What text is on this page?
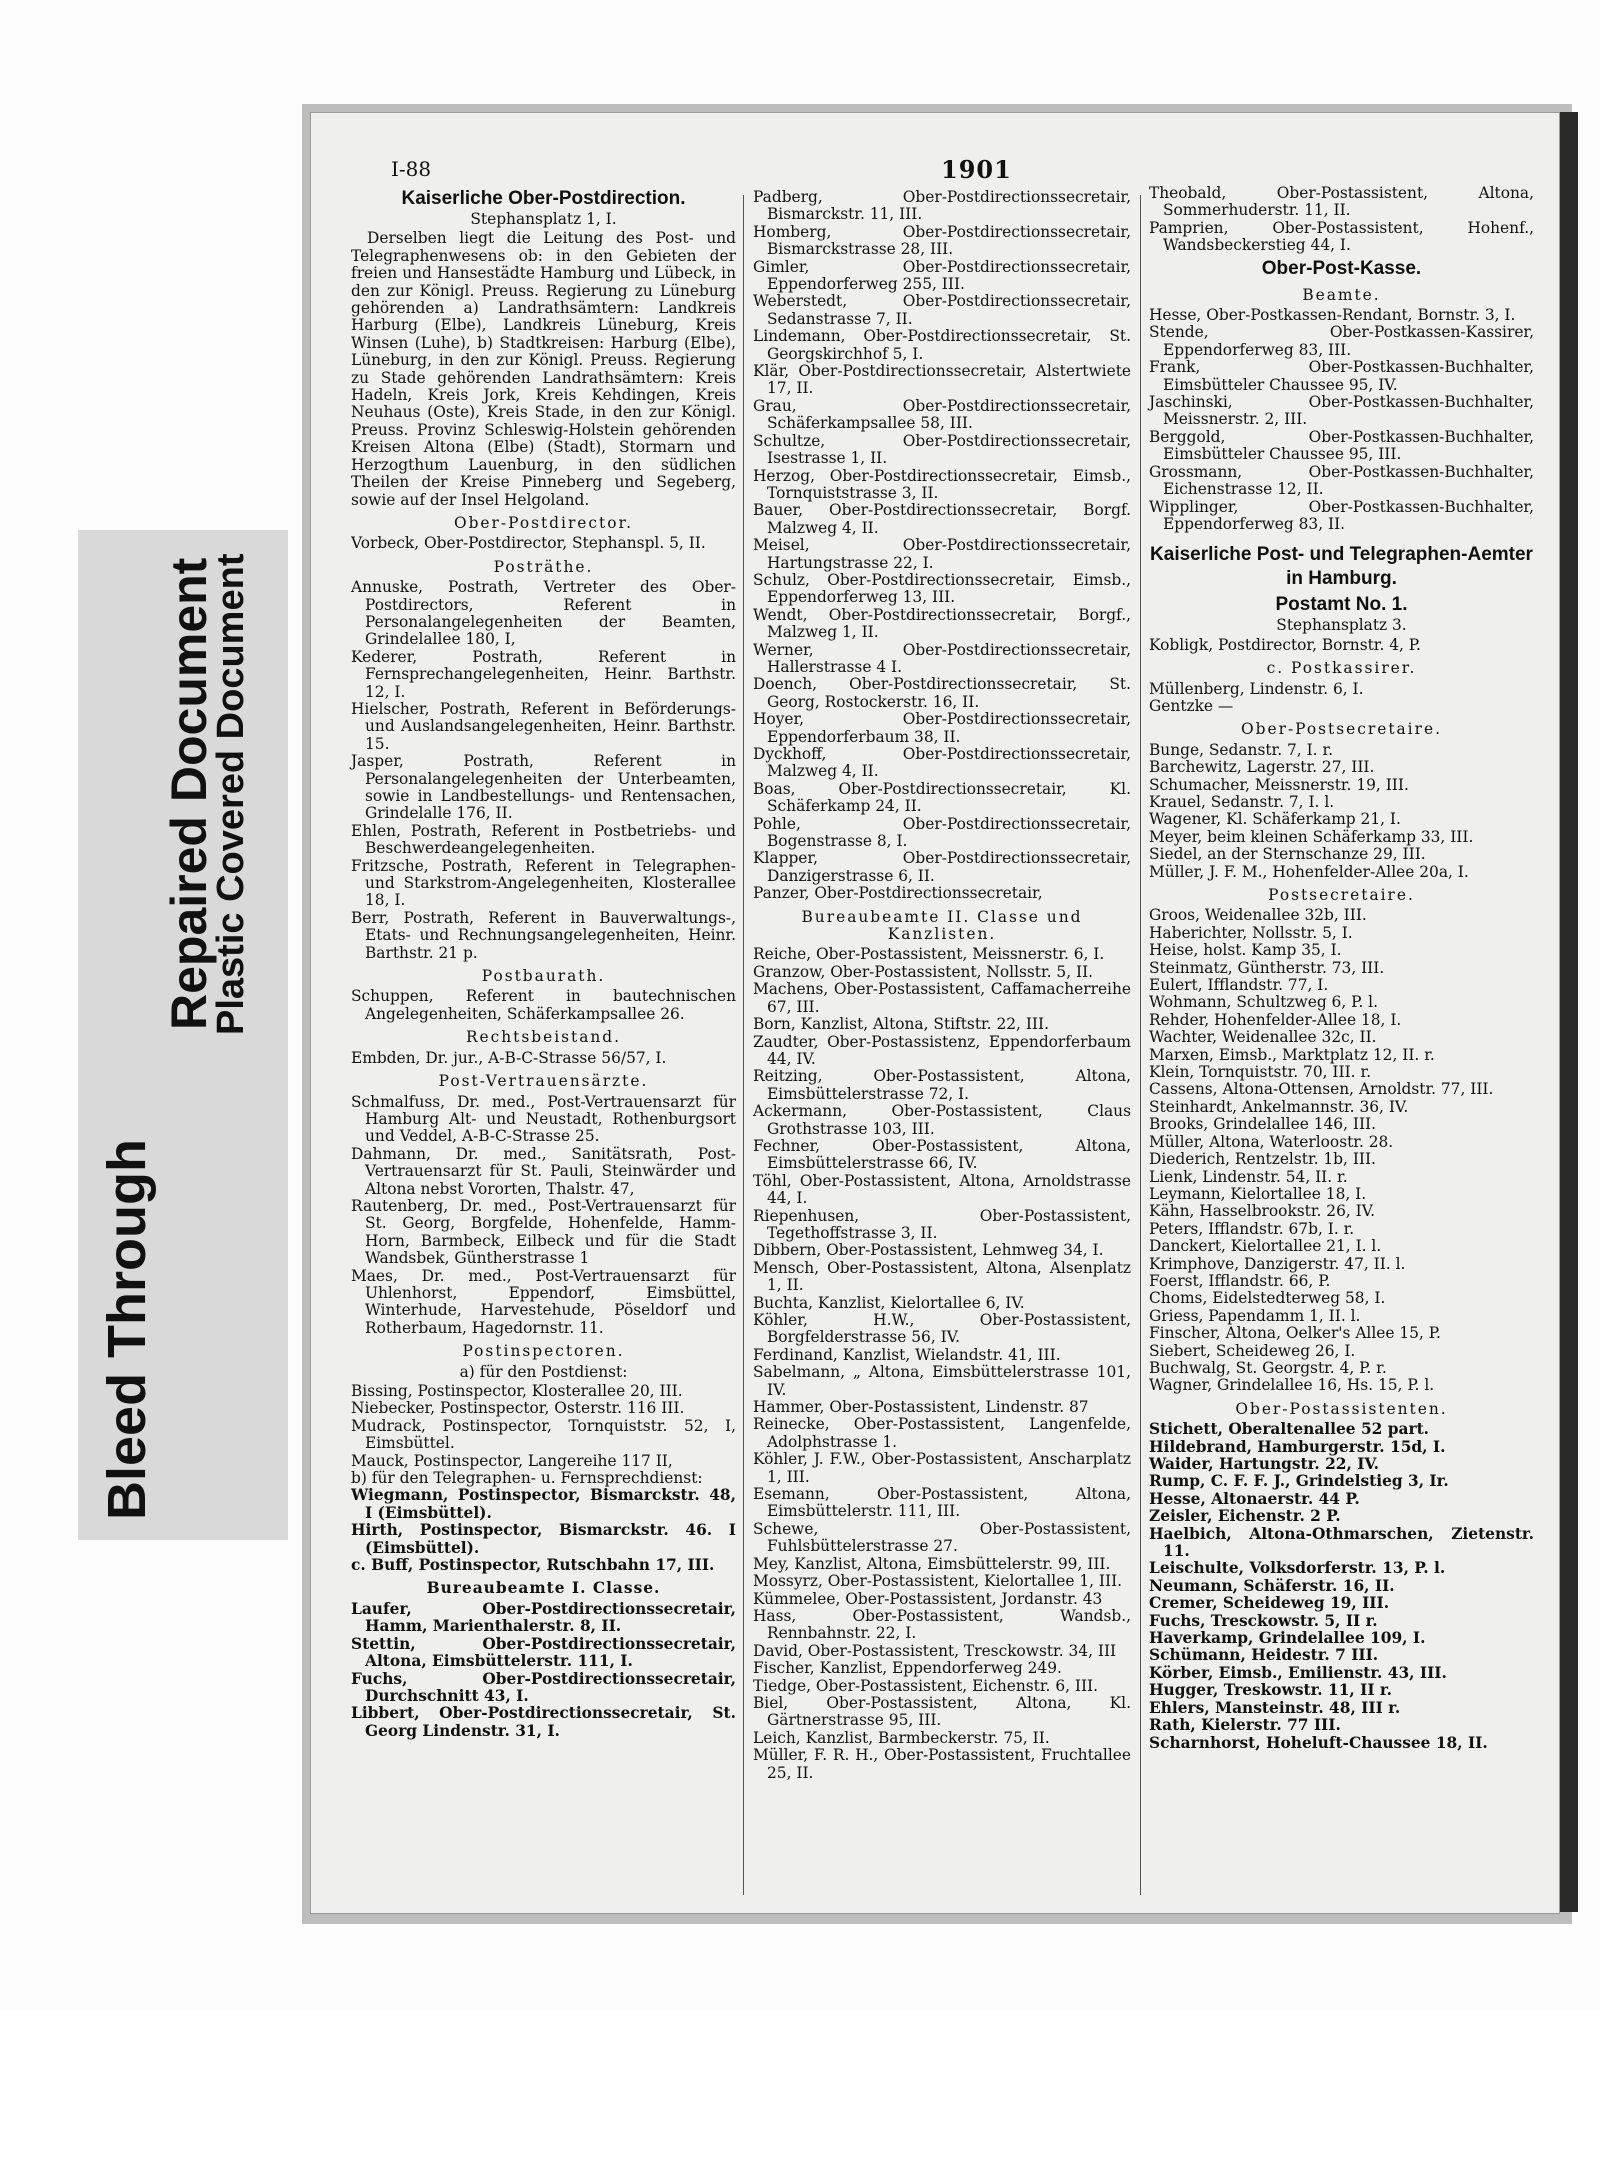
Bleed Through
Repaired Document
Plastic Covered Document
I-88	1901
Kaiserliche Ober-Postdirection.
Stephansplatz 1, I.
Derselben liegt die Leitung des Post- und Telegraphenwesens ob: in den Gebieten der freien und Hansestädte Hamburg und Lübeck, in den zur Königl. Preuss. Regierung zu Lüneburg gehörenden a) Landrathsämtern: Landkreis Harburg (Elbe), Landkreis Lüneburg, Kreis Winsen (Luhe), b) Stadtkreisen: Harburg (Elbe), Lüneburg, in den zur Königl. Preuss. Regierung zu Stade gehörenden Landrathsämtern: Kreis Hadeln, Kreis Jork, Kreis Kehdingen, Kreis Neuhaus (Oste), Kreis Stade, in den zur Königl. Preuss. Provinz Schleswig-Holstein gehörenden Kreisen Altona (Elbe) (Stadt), Stormarn und Herzogthum Lauenburg, in den südlichen Theilen der Kreise Pinneberg und Segeberg, sowie auf der Insel Helgoland.
Ober-Postdirector.

Vorbeck, Ober-Postdirector, Stephanspl. 5, II.

Posträthe.

Annuske, Postrath, Vertreter des Ober-Postdirectors, Referent in Personalangelegenheiten der Beamten, Grindelallee 180, I,

Kederer, Postrath, Referent in Fernsprechangelegenheiten, Heinr. Barthstr. 12, I.

Hielscher, Postrath, Referent in Beförderungs- und Auslandsangelegenheiten, Heinr. Barthstr. 15.

Jasper, Postrath, Referent in Personalangelegenheiten der Unterbeamten, sowie in Landbestellungs- und Rentensachen, Grindelalle 176, II.

Ehlen, Postrath, Referent in Postbetriebs- und Beschwerdeangelegenheiten.

Fritzsche, Postrath, Referent in Telegraphen- und Starkstrom-Angelegenheiten, Klosterallee 18, I.

Berr, Postrath, Referent in Bauverwaltungs-, Etats- und Rechnungsangelegenheiten, Heinr. Barthstr. 21 p.

Postbaurath.

Schuppen, Referent in bautechnischen Angelegenheiten, Schäferkampsallee 26.

Rechtsbeistand.

Embden, Dr. jur., A-B-C-Strasse 56/57, I.

Post-Vertrauensärzte.

Schmalfuss, Dr. med., Post-Vertrauensarzt für Hamburg Alt- und Neustadt, Rothenburgsort und Veddel, A-B-C-Strasse 25.

Dahmann, Dr. med., Sanitätsrath, Post-Vertrauensarzt für St. Pauli, Steinwärder und Altona nebst Vororten, Thalstr. 47,

Rautenberg, Dr. med., Post-Vertrauensarzt für St. Georg, Borgfelde, Hohenfelde, Hamm-Horn, Barmbeck, Eilbeck und für die Stadt Wandsbek, Güntherstrasse 1

Maes, Dr. med., Post-Vertrauensarzt für Uhlenhorst, Eppendorf, Eimsbüttel, Winterhude, Harvestehude, Pöseldorf und Rotherbaum, Hagedornstr. 11.

Postinspectoren.
a) für den Postdienst:

Bissing, Postinspector, Klosterallee 20, III.

Niebecker, Postinspector, Osterstr. 116 III.

Mudrack, Postinspector, Tornquiststr. 52, I, Eimsbüttel.

Mauck, Postinspector, Langereihe 117 II,

b) für den Telegraphen- u. Fernsprechdienst:

Wiegmann, Postinspector, Bismarckstr. 48, I (Eimsbüttel).

Hirth, Postinspector, Bismarckstr. 46. I (Eimsbüttel).

c. Buff, Postinspector, Rutschbahn 17, III.

Bureaubeamte I. Classe.

Laufer, Ober-Postdirectionssecretair, Hamm, Marienthalerstr. 8, II.

Stettin, Ober-Postdirectionssecretair, Altona, Eimsbüttelerstr. 111, I.

Fuchs, Ober-Postdirectionssecretair, Durchschnitt 43, I.

Libbert, Ober-Postdirectionssecretair, St. Georg Lindenstr. 31, I.

Padberg, Ober-Postdirectionssecretair, Bismarckstr. 11, III.

Homberg, Ober-Postdirectionssecretair, Bismarckstrasse 28, III.

Gimler, Ober-Postdirectionssecretair, Eppendorferweg 255, III.

Weberstedt, Ober-Postdirectionssecretair, Sedanstrasse 7, II.

Lindemann, Ober-Postdirectionssecretair, St. Georgskirchhof 5, I.

Klär, Ober-Postdirectionssecretair, Alstertwiete 17, II.

Grau, Ober-Postdirectionssecretair, Schäferkampsallee 58, III.

Schultze, Ober-Postdirectionssecretair, Isestrasse 1, II.

Herzog, Ober-Postdirectionssecretair, Eimsb., Tornquiststrasse 3, II.

Bauer, Ober-Postdirectionssecretair, Borgf. Malzweg 4, II.

Meisel, Ober-Postdirectionssecretair, Hartungstrasse 22, I.

Schulz, Ober-Postdirectionssecretair, Eimsb., Eppendorferweg 13, III.

Wendt, Ober-Postdirectionssecretair, Borgf., Malzweg 1, II.

Werner, Ober-Postdirectionssecretair, Hallerstrasse 4 I.

Doench, Ober-Postdirectionssecretair, St. Georg, Rostockerstr. 16, II.

Hoyer, Ober-Postdirectionssecretair, Eppendorferbaum 38, II.

Dyckhoff, Ober-Postdirectionssecretair, Malzweg 4, II.

Boas, Ober-Postdirectionssecretair, Kl. Schäferkamp 24, II.

Pohle, Ober-Postdirectionssecretair, Bogenstrasse 8, I.

Klapper, Ober-Postdirectionssecretair, Danzigerstrasse 6, II.

Panzer, Ober-Postdirectionssecretair,

Bureaubeamte II. Classe und Kanzlisten.

Reiche, Ober-Postassistent, Meissnerstr. 6, I.

Granzow, Ober-Postassistent, Nollsstr. 5, II.

Machens, Ober-Postassistent, Caffamacherreihe 67, III.

Born, Kanzlist, Altona, Stiftstr. 22, III.

Zaudter, Ober-Postassistenz, Eppendorferbaum 44, IV.

Reitzing, Ober-Postassistent, Altona, Eimsbüttelerstrasse 72, I.

Ackermann, Ober-Postassistent, Claus Grothstrasse 103, III.

Fechner, Ober-Postassistent, Altona, Eimsbüttelerstrasse 66, IV.

Töhl, Ober-Postassistent, Altona, Arnoldstrasse 44, I.

Riepenhusen, Ober-Postassistent, Tegethoffstrasse 3, II.

Dibbern, Ober-Postassistent, Lehmweg 34, I.

Mensch, Ober-Postassistent, Altona, Alsenplatz 1, II.

Buchta, Kanzlist, Kielortallee 6, IV.

Köhler, H.W., Ober-Postassistent, Borgfelderstrasse 56, IV.

Ferdinand, Kanzlist, Wielandstr. 41, III.

Sabelmann, „ Altona, Eimsbüttelerstrasse 101, IV.

Hammer, Ober-Postassistent, Lindenstr. 87

Reinecke, Ober-Postassistent, Langenfelde, Adolphstrasse 1.

Köhler, J. F.W., Ober-Postassistent, Anscharplatz 1, III.

Esemann, Ober-Postassistent, Altona, Eimsbüttelerstr. 111, III.

Schewe, Ober-Postassistent, Fuhlsbüttelerstrasse 27.

Mey, Kanzlist, Altona, Eimsbüttelerstr. 99, III.

Mossyrz, Ober-Postassistent, Kielortallee 1, III.

Kümmelee, Ober-Postassistent, Jordanstr. 43

Hass, Ober-Postassistent, Wandsb., Rennbahnstr. 22, I.

David, Ober-Postassistent, Tresckowstr. 34, III

Fischer, Kanzlist, Eppendorferweg 249.

Tiedge, Ober-Postassistent, Eichenstr. 6, III.

Biel, Ober-Postassistent, Altona, Kl. Gärtnerstrasse 95, III.

Leich, Kanzlist, Barmbeckerstr. 75, II.

Müller, F. R. H., Ober-Postassistent, Fruchtallee 25, II.

Theobald, Ober-Postassistent, Altona, Sommerhuderstr. 11, II.

Pamprien, Ober-Postassistent, Hohenf., Wandsbeckerstieg 44, I.

Ober-Post-Kasse.
Beamte.

Hesse, Ober-Postkassen-Rendant, Bornstr. 3, I.

Stende, Ober-Postkassen-Kassirer, Eppendorferweg 83, III.

Frank, Ober-Postkassen-Buchhalter, Eimsbütteler Chaussee 95, IV.

Jaschinski, Ober-Postkassen-Buchhalter, Meissnerstr. 2, III.

Berggold, Ober-Postkassen-Buchhalter, Eimsbütteler Chaussee 95, III.

Grossmann, Ober-Postkassen-Buchhalter, Eichenstrasse 12, II.

Wipplinger, Ober-Postkassen-Buchhalter, Eppendorferweg 83, II.

Kaiserliche Post- und Telegraphen-Aemter in Hamburg.
Postamt No. 1.
Stephansplatz 3.

Kobligk, Postdirector, Bornstr. 4, P.

c. Postkassirer.

Müllenberg, Lindenstr. 6, I.

Gentzke —

Ober-Postsecretaire.

Bunge, Sedanstr. 7, I. r.

Barchewitz, Lagerstr. 27, III.

Schumacher, Meissnerstr. 19, III.

Krauel, Sedanstr. 7, I. l.

Wagener, Kl. Schäferkamp 21, I.

Meyer, beim kleinen Schäferkamp 33, III.

Siedel, an der Sternschanze 29, III.

Müller, J. F. M., Hohenfelder-Allee 20a, I.

Postsecretaire.

Groos, Weidenallee 32b, III.

Haberichter, Nollsstr. 5, I.

Heise, holst. Kamp 35, I.

Steinmatz, Güntherstr. 73, III.

Eulert, Ifflandstr. 77, I.

Wohmann, Schultzweg 6, P. l.

Rehder, Hohenfelder-Allee 18, I.

Wachter, Weidenallee 32c, II.

Marxen, Eimsb., Marktplatz 12, II. r.

Klein, Tornquiststr. 70, III. r.

Cassens, Altona-Ottensen, Arnoldstr. 77, III.

Steinhardt, Ankelmannstr. 36, IV.

Brooks, Grindelallee 146, III.

Müller, Altona, Waterloostr. 28.

Diederich, Rentzelstr. 1b, III.

Lienk, Lindenstr. 54, II. r.

Leymann, Kielortallee 18, I.

Kähn, Hasselbrookstr. 26, IV.

Peters, Ifflandstr. 67b, I. r.

Danckert, Kielortallee 21, I. l.

Krimphove, Danzigerstr. 47, II. l.

Foerst, Ifflandstr. 66, P.

Choms, Eidelstedterweg 58, I.

Griess, Papendamm 1, II. l.

Finscher, Altona, Oelker's Allee 15, P.

Siebert, Scheideweg 26, I.

Buchwalg, St. Georgstr. 4, P. r.

Wagner, Grindelallee 16, Hs. 15, P. l.

Ober-Postassistenten.

Stichett, Oberaltenallee 52 part.

Hildebrand, Hamburgerstr. 15d, I.

Waider, Hartungstr. 22, IV.

Rump, C. F. F. J., Grindelstieg 3, Ir.

Hesse, Altonaerstr. 44 P.

Zeisler, Eichenstr. 2 P.

Haelbich, Altona-Othmarschen, Zietenstr. 11.

Leischulte, Volksdorferstr. 13, P. l.

Neumann, Schäferstr. 16, II.

Cremer, Scheideweg 19, III.

Fuchs, Tresckowstr. 5, II r.

Haverkamp, Grindelallee 109, I.

Schümann, Heidestr. 7 III.

Körber, Eimsb., Emilienstr. 43, III.

Hugger, Treskowstr. 11, II r.

Ehlers, Mansteinstr. 48, III r.

Rath, Kielerstr. 77 III.

Scharnhorst, Hoheluft-Chaussee 18, II.
